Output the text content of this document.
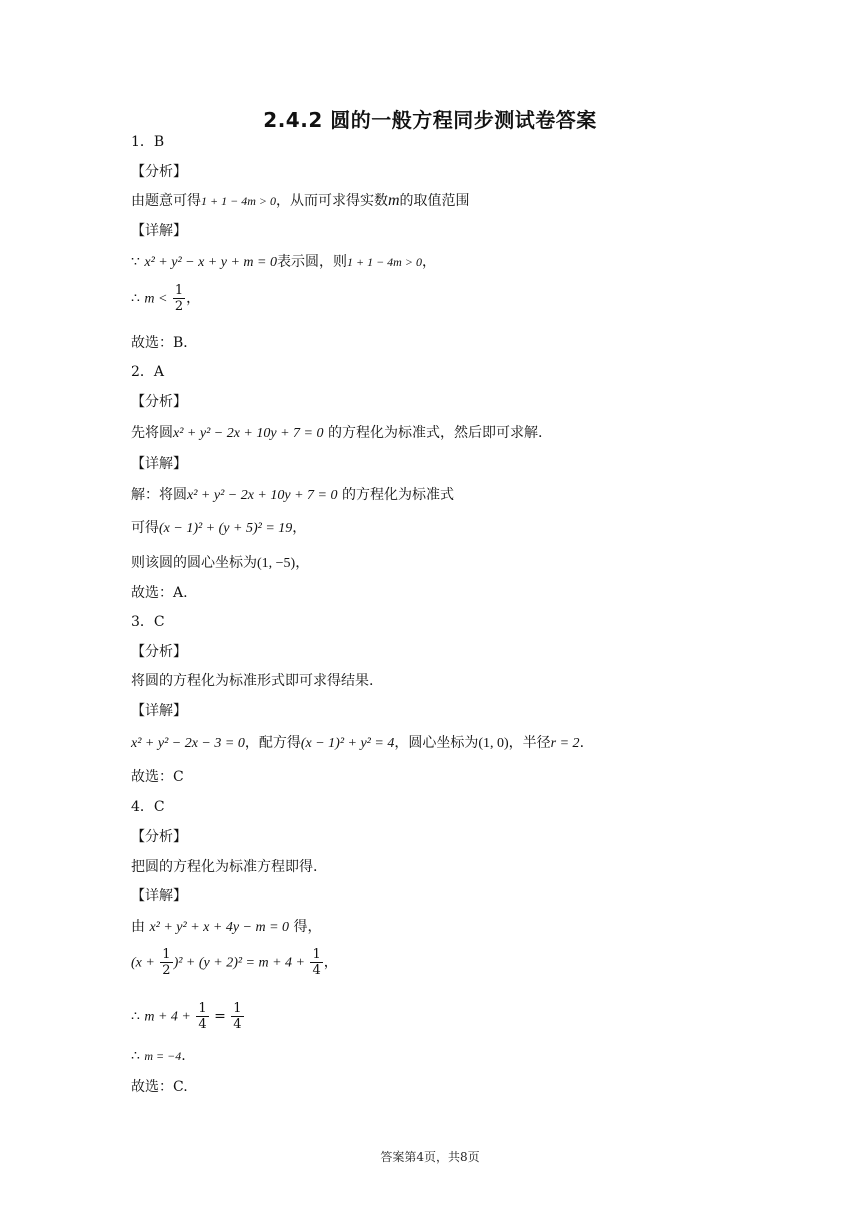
2.4.2 圆的一般方程同步测试卷答案
1．B
【分析】
由题意可得1 + 1 − 4m > 0，从而可求得实数m的取值范围
【详解】
∵ x² + y² − x + y + m = 0表示圆，则1 + 1 − 4m > 0，
∴ $m < \frac{1}{2}$ ，
故选：B．
2．A
【分析】
先将圆x² + y² − 2x + 10y + 7 = 0 的方程化为标准式，然后即可求解.
【详解】
解：将圆x² + y² − 2x + 10y + 7 = 0 的方程化为标准式
可得(x − 1)² + (y + 5)² = 19，
则该圆的圆心坐标为(1, −5)，
故选：A.
3．C
【分析】
将圆的方程化为标准形式即可求得结果.
【详解】
x² + y² − 2x − 3 = 0，配方得(x − 1)² + y² = 4，圆心坐标为(1, 0)，半径r = 2.
故选：C
4．C
【分析】
把圆的方程化为标准方程即得.
【详解】
由 x² + y² + x + 4y − m = 0 得，
$(x + \frac{1}{2} )^2 + (y + 2)^2 = m + 4 + \frac{1}{4}$ ，
∴ $m + 4 + \frac{1}{4} = \frac{1}{4}$
∴ m = −4.
故选：C.
答案第4页，共8页
